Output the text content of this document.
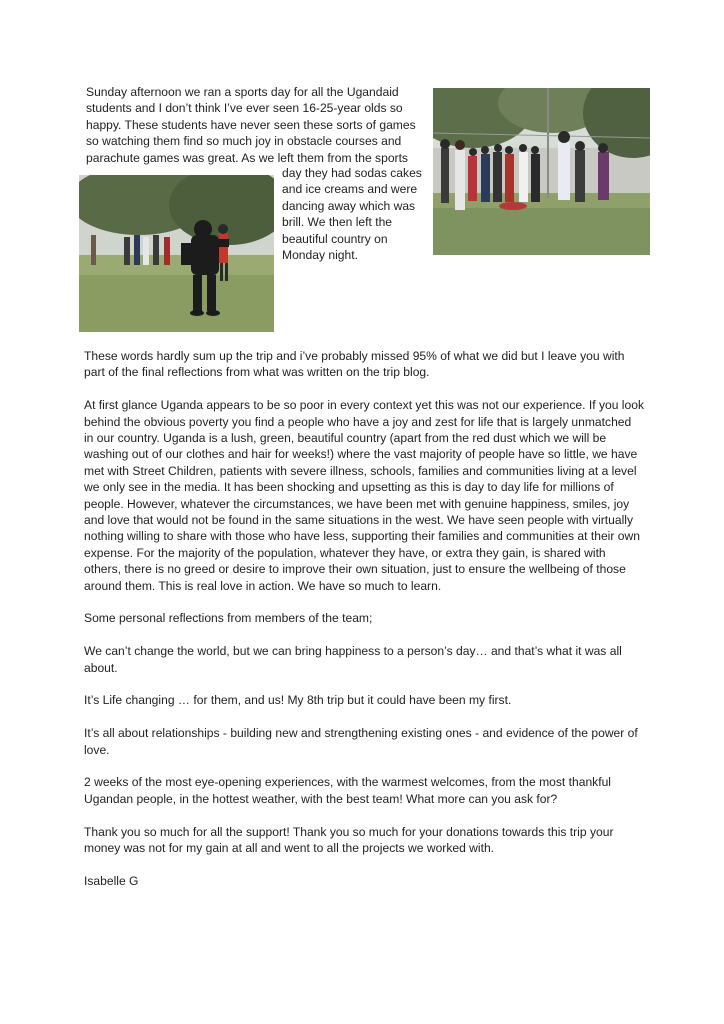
Sunday afternoon we ran a sports day for all the Ugandaid students and I don’t think I’ve ever seen 16-25-year olds so happy. These students have never seen these sorts of games so watching them find so much joy in obstacle courses and parachute games was great. As we left them from the sports

day they had sodas cakes and ice creams and were dancing away which was brill. We then left the beautiful country on Monday night.

These words hardly sum up the trip and i’ve probably missed 95% of what we did but I leave you with part of the final reflections from what was written on the trip blog.

At first glance Uganda appears to be so poor in every context yet this was not our experience. If you look behind the obvious poverty you find a people who have a joy and zest for life that is largely unmatched in our country. Uganda is a lush, green, beautiful country (apart from the red dust which we will be washing out of our clothes and hair for weeks!) where the vast majority of people have so little, we have met with Street Children, patients with severe illness, schools, families and communities living at a level we only see in the media. It has been shocking and upsetting as this is day to day life for millions of people. However, whatever the circumstances, we have been met with genuine happiness, smiles, joy and love that would not be found in the same situations in the west. We have seen people with virtually nothing willing to share with those who have less, supporting their families and communities at their own expense. For the majority of the population, whatever they have, or extra they gain, is shared with others, there is no greed or desire to improve their own situation, just to ensure the wellbeing of those around them. This is real love in action. We have so much to learn.

Some personal reflections from members of the team;

We can’t change the world, but we can bring happiness to a person’s day… and that’s what it was all about.

It’s Life changing … for them, and us! My 8th trip but it could have been my first.

It’s all about relationships - building new and strengthening existing ones - and evidence of the power of love.

2 weeks of the most eye-opening experiences, with the warmest welcomes, from the most thankful Ugandan people, in the hottest weather, with the best team! What more can you ask for?

Thank you so much for all the support! Thank you so much for your donations towards this trip your money was not for my gain at all and went to all the projects we worked with.

Isabelle G
